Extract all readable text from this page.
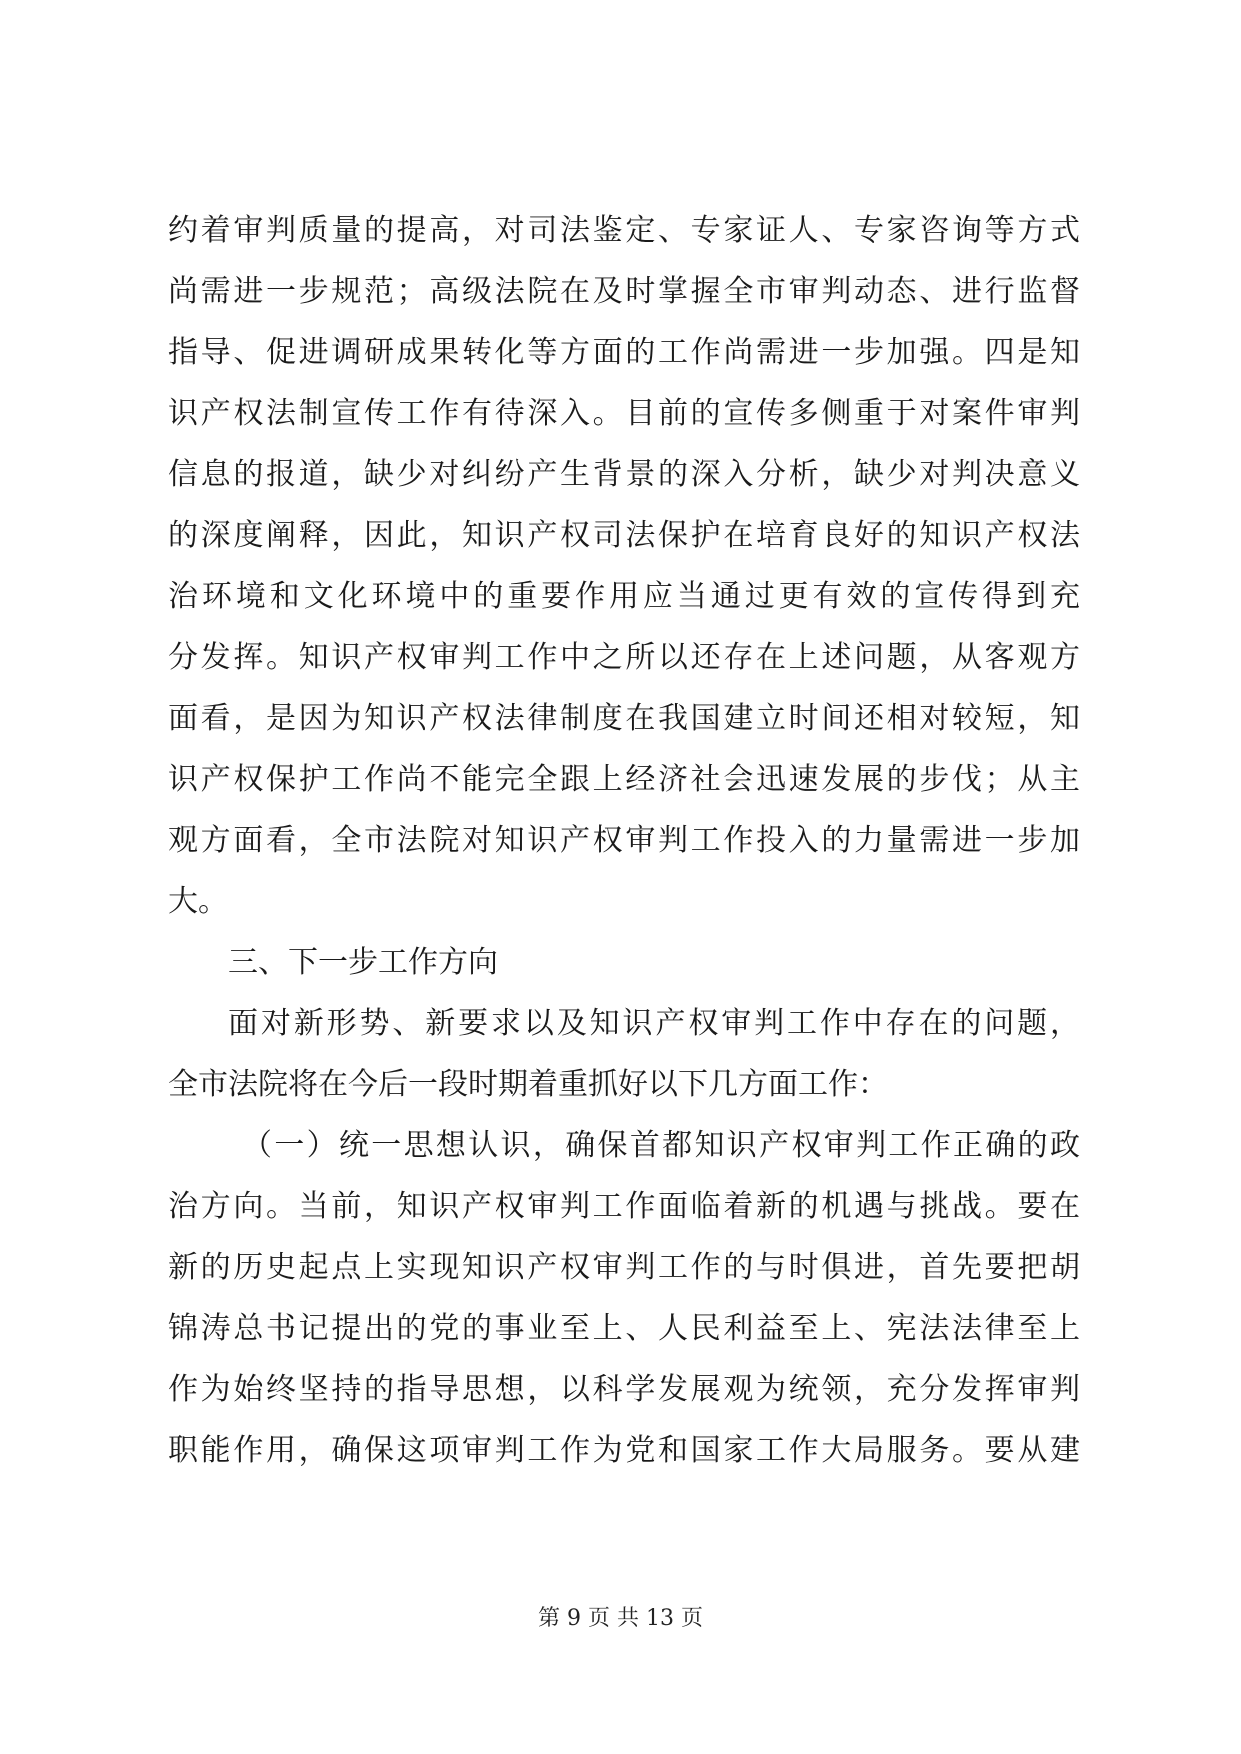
约着审判质量的提高，对司法鉴定、专家证人、专家咨询等方式
尚需进一步规范；高级法院在及时掌握全市审判动态、进行监督
指导、促进调研成果转化等方面的工作尚需进一步加强。四是知
识产权法制宣传工作有待深入。目前的宣传多侧重于对案件审判
信息的报道，缺少对纠纷产生背景的深入分析，缺少对判决意义
的深度阐释，因此，知识产权司法保护在培育良好的知识产权法
治环境和文化环境中的重要作用应当通过更有效的宣传得到充
分发挥。知识产权审判工作中之所以还存在上述问题，从客观方
面看，是因为知识产权法律制度在我国建立时间还相对较短，知
识产权保护工作尚不能完全跟上经济社会迅速发展的步伐；从主
观方面看，全市法院对知识产权审判工作投入的力量需进一步加
大。
三、下一步工作方向
面对新形势、新要求以及知识产权审判工作中存在的问题，
全市法院将在今后一段时期着重抓好以下几方面工作：
（一）统一思想认识，确保首都知识产权审判工作正确的政
治方向。当前，知识产权审判工作面临着新的机遇与挑战。要在
新的历史起点上实现知识产权审判工作的与时俱进，首先要把胡
锦涛总书记提出的党的事业至上、人民利益至上、宪法法律至上
作为始终坚持的指导思想，以科学发展观为统领，充分发挥审判
职能作用，确保这项审判工作为党和国家工作大局服务。要从建
第 9 页 共 13 页
